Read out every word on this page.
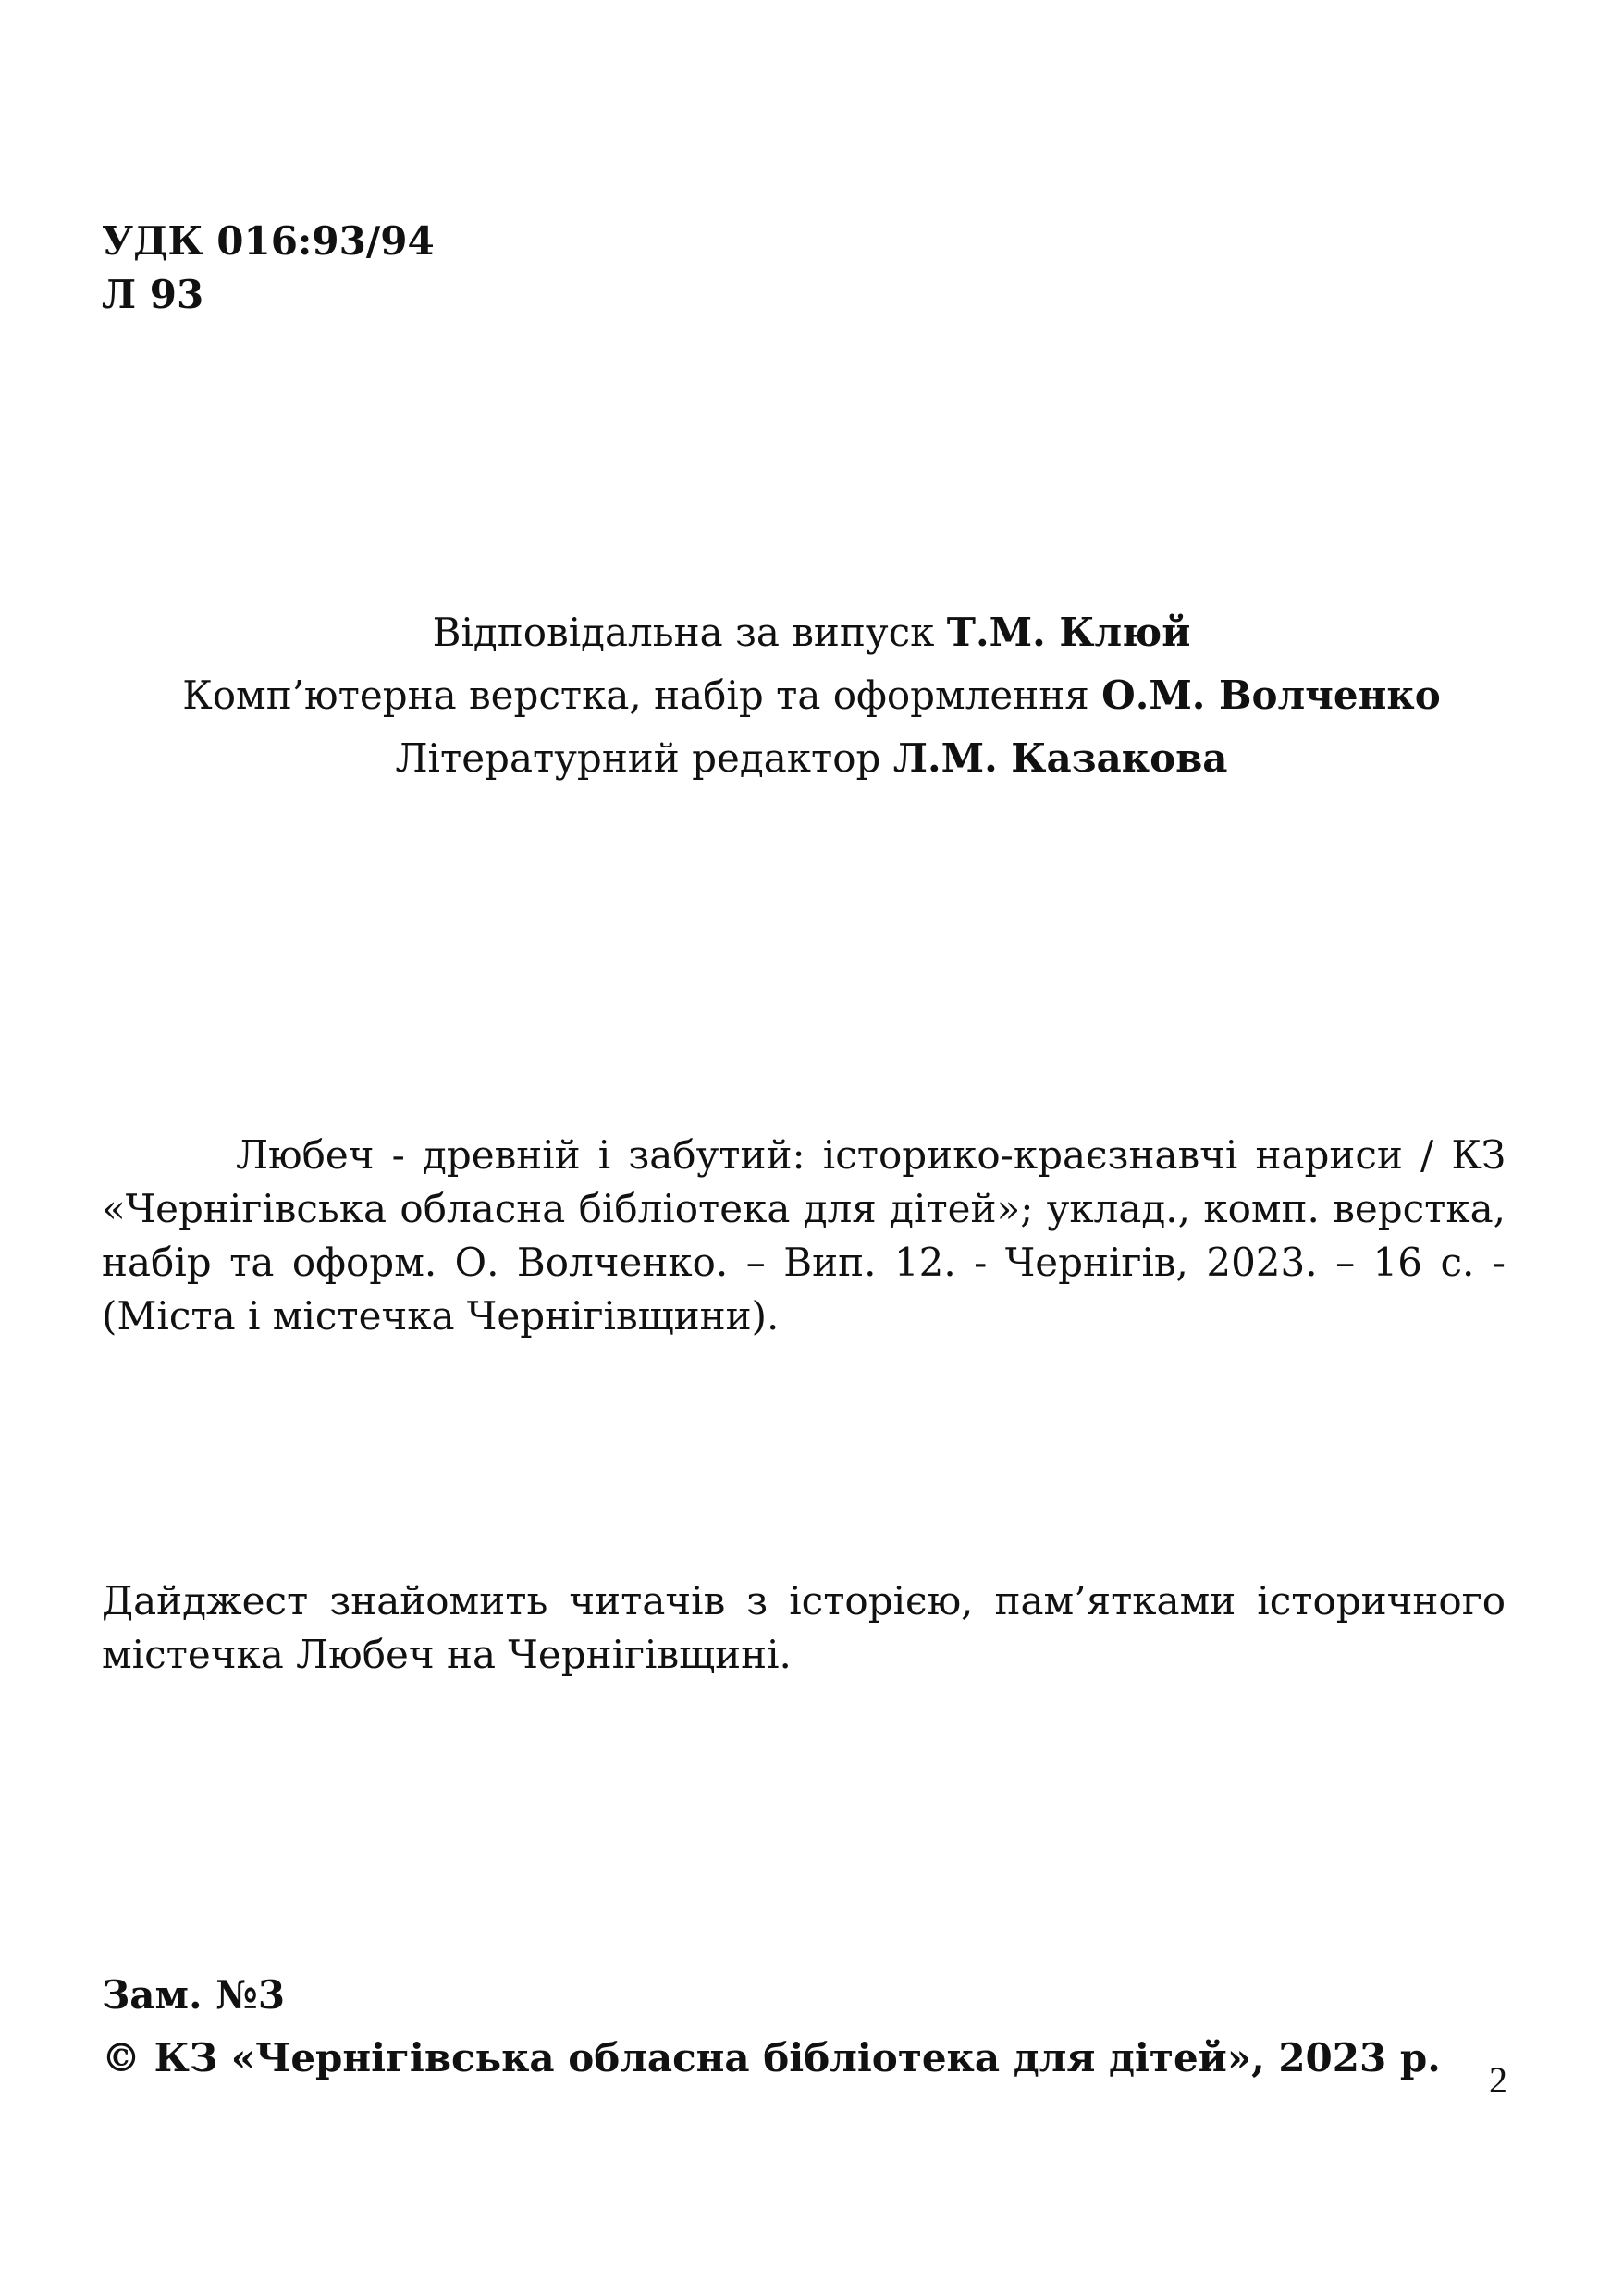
УДК 016:93/94
Л 93
Відповідальна за випуск Т.М. Клюй
Комп’ютерна верстка, набір та оформлення О.М. Волченко
Літературний редактор Л.М. Казакова
Любеч - древній і забутий: історико-краєзнавчі нариси / КЗ «Чернігівська обласна бібліотека для дітей»; уклад., комп. верстка, набір та оформ. О. Волченко. – Вип. 12. - Чернігів, 2023. – 16 с. - (Міста і містечка Чернігівщини).
Дайджест знайомить читачів з історією, пам’ятками історичного містечка Любеч на Чернігівщині.
Зам. №3
© КЗ «Чернігівська обласна бібліотека для дітей», 2023 р. 2
